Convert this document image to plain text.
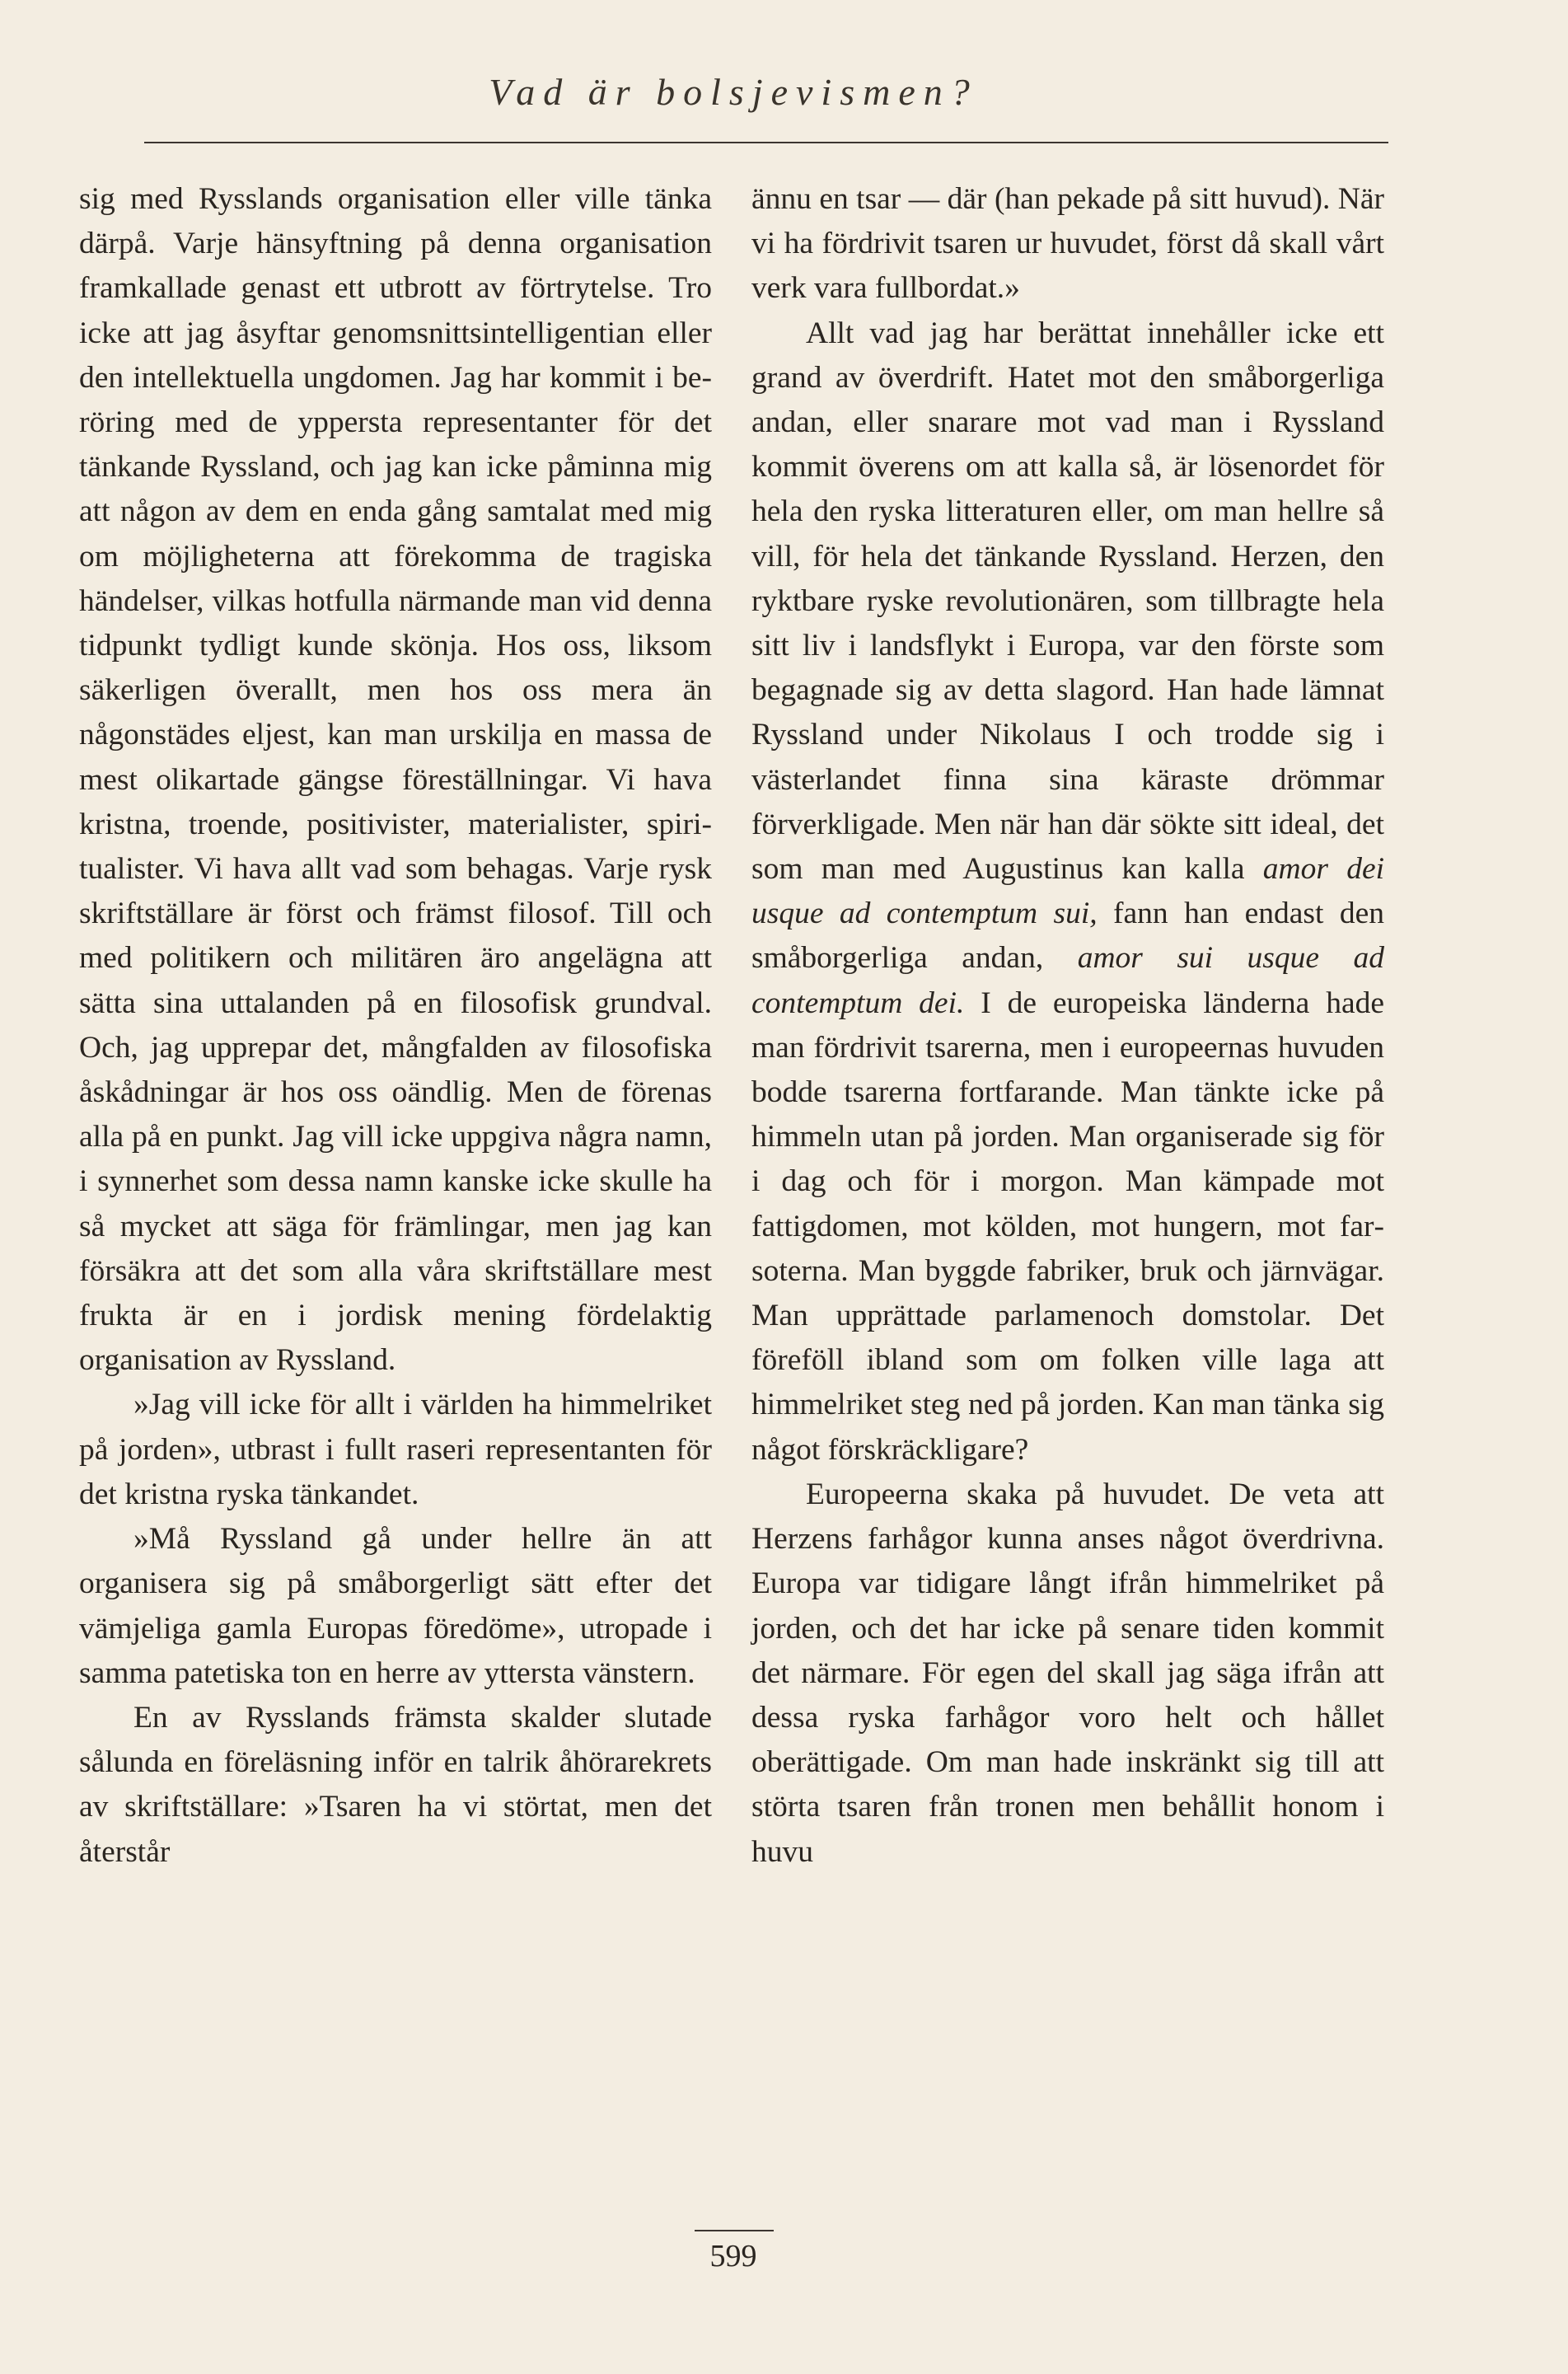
Vad är bolsjevismen?

sig med Rysslands organisation eller ville tänka därpå. Varje hänsyftning på denna organisation framkallade genast ett utbrott av förtrytelse. Tro icke att jag åsyftar genomsnittsintelligentian eller den intellektuella ungdomen. Jag har kommit i beröring med de yppersta representanter för det tänkande Ryssland, och jag kan icke påminna mig att någon av dem en enda gång samtalat med mig om möjligheterna att förekomma de tragiska händelser, vilkas hotfulla närmande man vid denna tidpunkt tydligt kunde skönja. Hos oss, liksom säkerligen överallt, men hos oss mera än någonstädes eljest, kan man urskilja en massa de mest olikartade gängse föreställningar. Vi hava kristna, troende, positivister, materialister, spiritualister. Vi hava allt vad som behagas. Varje rysk skriftställare är först och främst filosof. Till och med politikern och militären äro angelägna att sätta sina uttalanden på en filosofisk grundval. Och, jag upprepar det, mångfalden av filosofiska åskådningar är hos oss oändlig. Men de förenas alla på en punkt. Jag vill icke uppgiva några namn, i synnerhet som dessa namn kanske icke skulle ha så mycket att säga för främlingar, men jag kan försäkra att det som alla våra skriftställare mest frukta är en i jordisk mening fördelaktig organisation av Ryssland.

»Jag vill icke för allt i världen ha himmelriket på jorden», utbrast i fullt raseri representanten för det kristna ryska tänkandet.

»Må Ryssland gå under hellre än att organisera sig på småborgerligt sätt efter det vämjeliga gamla Europas föredöme», utropade i samma patetiska ton en herre av yttersta vänstern.

En av Rysslands främsta skalder slutade sålunda en föreläsning inför en talrik åhörarekrets av skriftställare: »Tsaren ha vi störtat, men det återstår

ännu en tsar — där (han pekade på sitt huvud). När vi ha fördrivit tsaren ur huvudet, först då skall vårt verk vara fullbordat.»

Allt vad jag har berättat innehåller icke ett grand av överdrift. Hatet mot den småborgerliga andan, eller snarare mot vad man i Ryssland kommit överens om att kalla så, är lösenordet för hela den ryska litteraturen eller, om man hellre så vill, för hela det tänkande Ryssland. Herzen, den ryktbare ryske revolutionären, som tillbragte hela sitt liv i landsflykt i Europa, var den förste som begagnade sig av detta slagord. Han hade lämnat Ryssland under Nikolaus I och trodde sig i västerlandet finna sina käraste drömmar förverkligade. Men när han där sökte sitt ideal, det som man med Augustinus kan kalla amor dei usque ad contemptum sui, fann han endast den småborgerliga andan, amor sui usque ad contemptum dei. I de europeiska länderna hade man fördrivit tsarerna, men i europeernas huvuden bodde tsarerna fortfarande. Man tänkte icke på himmeln utan på jorden. Man organiserade sig för i dag och för i morgon. Man kämpade mot fattigdomen, mot kölden, mot hungern, mot farsoterna. Man byggde fabriker, bruk och järnvägar. Man upprättade parlamenoch domstolar. Det föreföll ibland som om folken ville laga att himmelriket steg ned på jorden. Kan man tänka sig något förskräckligare?

Europeerna skaka på huvudet. De veta att Herzens farhågor kunna anses något överdrivna. Europa var tidigare långt ifrån himmelriket på jorden, och det har icke på senare tiden kommit det närmare. För egen del skall jag säga ifrån att dessa ryska farhågor voro helt och hållet oberättigade. Om man hade inskränkt sig till att störta tsaren från tronen men behållit honom i huvu

599
